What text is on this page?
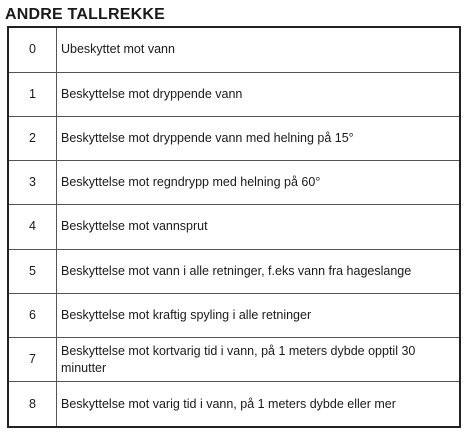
ANDRE TALLREKKE
0	Ubeskyttet mot vann
1	Beskyttelse mot dryppende vann
2	Beskyttelse mot dryppende vann med helning på 15°
3	Beskyttelse mot regndrypp med helning på 60°
4	Beskyttelse mot vannsprut
5	Beskyttelse mot vann i alle retninger, f.eks vann fra hageslange
6	Beskyttelse mot kraftig spyling i alle retninger
7	Beskyttelse mot kortvarig tid i vann, på 1 meters dybde opptil 30 minutter
8	Beskyttelse mot varig tid i vann, på 1 meters dybde eller mer
